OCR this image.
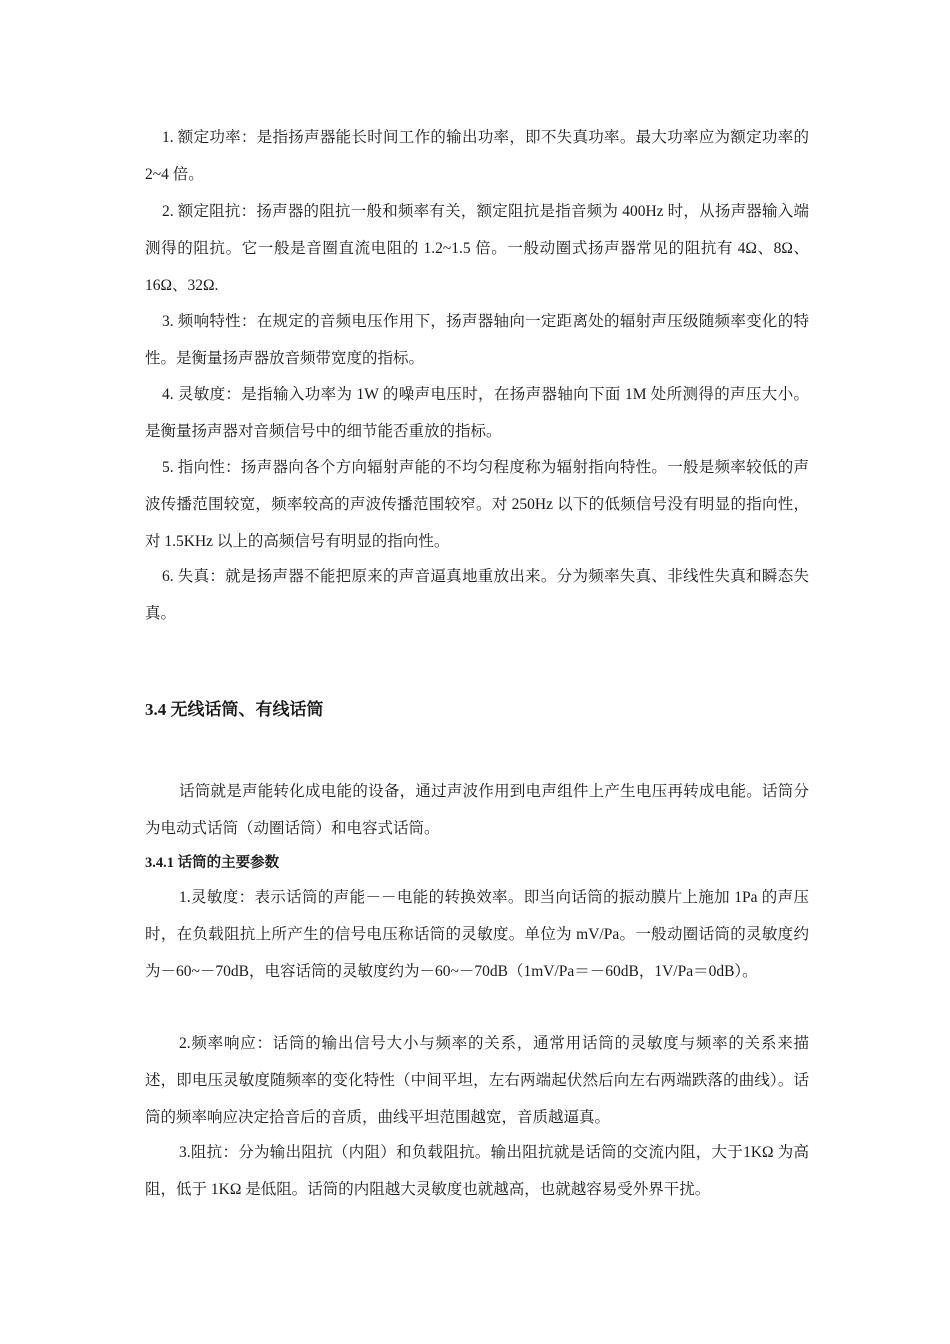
1. 额定功率：是指扬声器能长时间工作的输出功率，即不失真功率。最大功率应为额定功率的 2~4 倍。

2. 额定阻抗：扬声器的阻抗一般和频率有关，额定阻抗是指音频为 400Hz 时，从扬声器输入端测得的阻抗。它一般是音圈直流电阻的 1.2~1.5 倍。一般动圈式扬声器常见的阻抗有 4Ω、8Ω、16Ω、32Ω.

3. 频响特性：在规定的音频电压作用下，扬声器轴向一定距离处的辐射声压级随频率变化的特性。是衡量扬声器放音频带宽度的指标。

4. 灵敏度：是指输入功率为 1W 的噪声电压时，在扬声器轴向下面 1M 处所测得的声压大小。是衡量扬声器对音频信号中的细节能否重放的指标。

5. 指向性：扬声器向各个方向辐射声能的不均匀程度称为辐射指向特性。一般是频率较低的声波传播范围较宽，频率较高的声波传播范围较窄。对 250Hz 以下的低频信号没有明显的指向性，对 1.5KHz 以上的高频信号有明显的指向性。

6. 失真：就是扬声器不能把原来的声音逼真地重放出来。分为频率失真、非线性失真和瞬态失真。

3.4 无线话筒、有线话筒

话筒就是声能转化成电能的设备，通过声波作用到电声组件上产生电压再转成电能。话筒分为电动式话筒（动圈话筒）和电容式话筒。

3.4.1 话筒的主要参数

1.灵敏度：表示话筒的声能－－电能的转换效率。即当向话筒的振动膜片上施加 1Pa 的声压时，在负载阻抗上所产生的信号电压称话筒的灵敏度。单位为 mV/Pa。一般动圈话筒的灵敏度约为－60~－70dB，电容话筒的灵敏度约为－60~－70dB（1mV/Pa＝－60dB，1V/Pa＝0dB）。

2.频率响应：话筒的输出信号大小与频率的关系，通常用话筒的灵敏度与频率的关系来描述，即电压灵敏度随频率的变化特性（中间平坦，左右两端起伏然后向左右两端跌落的曲线）。话筒的频率响应决定拾音后的音质，曲线平坦范围越宽，音质越逼真。

3.阻抗：分为输出阻抗（内阻）和负载阻抗。输出阻抗就是话筒的交流内阻，大于1KΩ 为高阻，低于 1KΩ 是低阻。话筒的内阻越大灵敏度也就越高，也就越容易受外界干扰。
